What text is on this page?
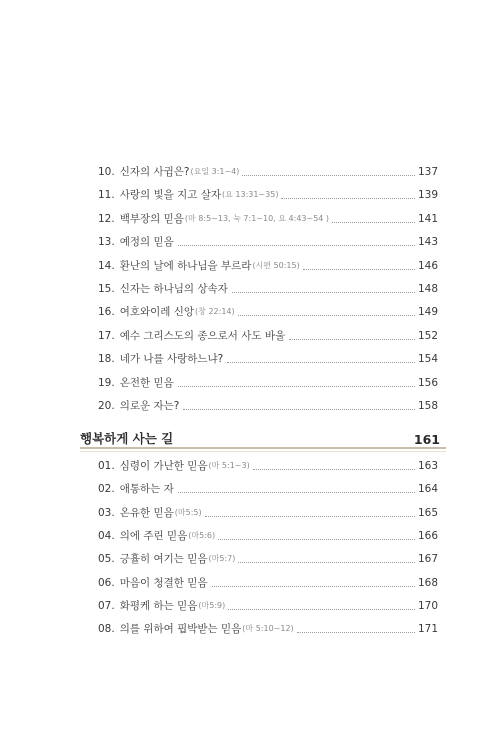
10. 신자의 사귐은? (요일 3:1~4)	137
11. 사랑의 빛을 지고 살자 (요 13:31~35)	139
12. 백부장의 믿음 (마 8:5~13, 눅 7:1~10, 요 4:43~54 )	141
13. 예정의 믿음	143
14. 환난의 날에 하나님을 부르라 (시편 50:15)	146
15. 신자는 하나님의 상속자	148
16. 여호와이레 신앙 (창 22:14)	149
17. 예수 그리스도의 종으로서 사도 바울	152
18. 네가 나를 사랑하느냐?	154
19. 온전한 믿음	156
20. 의로운 자는?	158
행복하게 사는 길	161
01. 심령이 가난한 믿음 (마 5:1~3)	163
02. 애통하는 자	164
03. 온유한 믿음 (마5:5)	165
04. 의에 주린 믿음 (마5:6)	166
05. 긍휼히 여기는 믿음 (마5:7)	167
06. 마음이 청결한 믿음	168
07. 화평케 하는 믿음 (마5:9)	170
08. 의를 위하여 핍박받는 믿음 (마 5:10~12)	171
